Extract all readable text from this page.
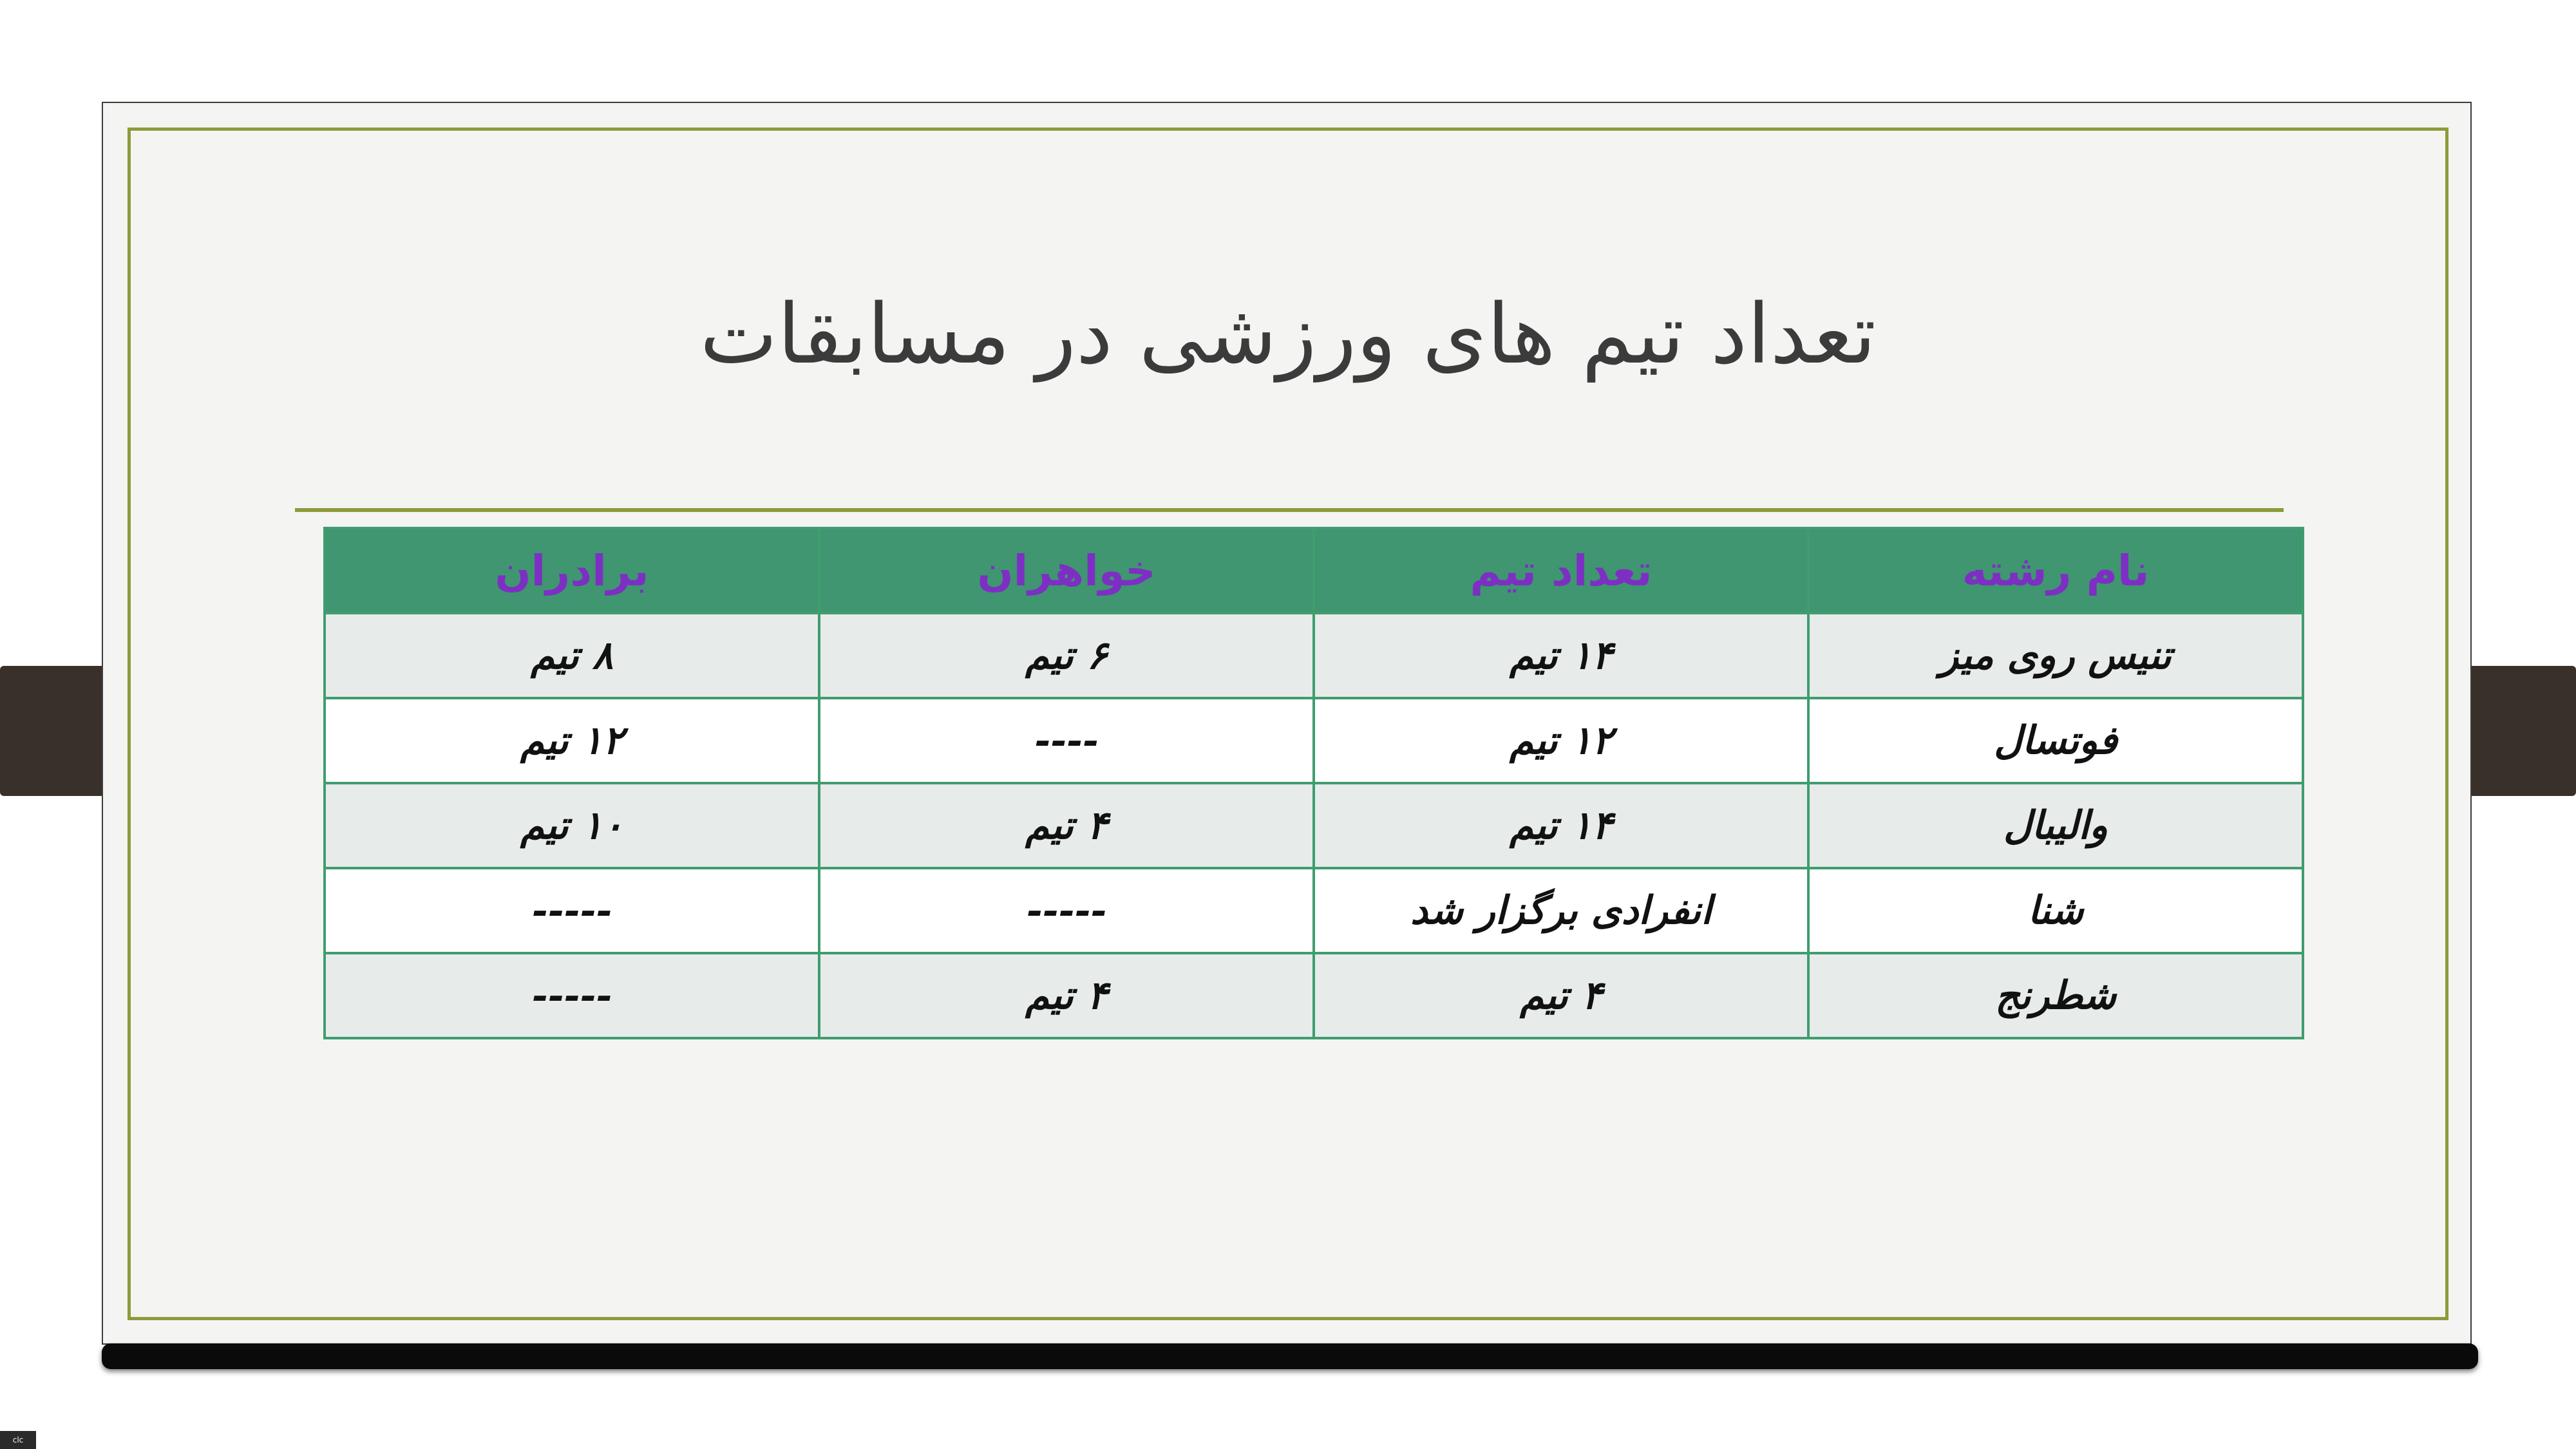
تعداد تیم های ورزشی در مسابقات
نام رشته	تعداد تیم	خواهران	برادران
تنیس روی میز	۱۴ تیم	۶ تیم	۸ تیم
فوتسال	۱۲ تیم	----	۱۲ تیم
والیبال	۱۴ تیم	۴ تیم	۱۰ تیم
شنا	انفرادی برگزار شد	-----	-----
شطرنج	۴ تیم	۴ تیم	-----
clc
